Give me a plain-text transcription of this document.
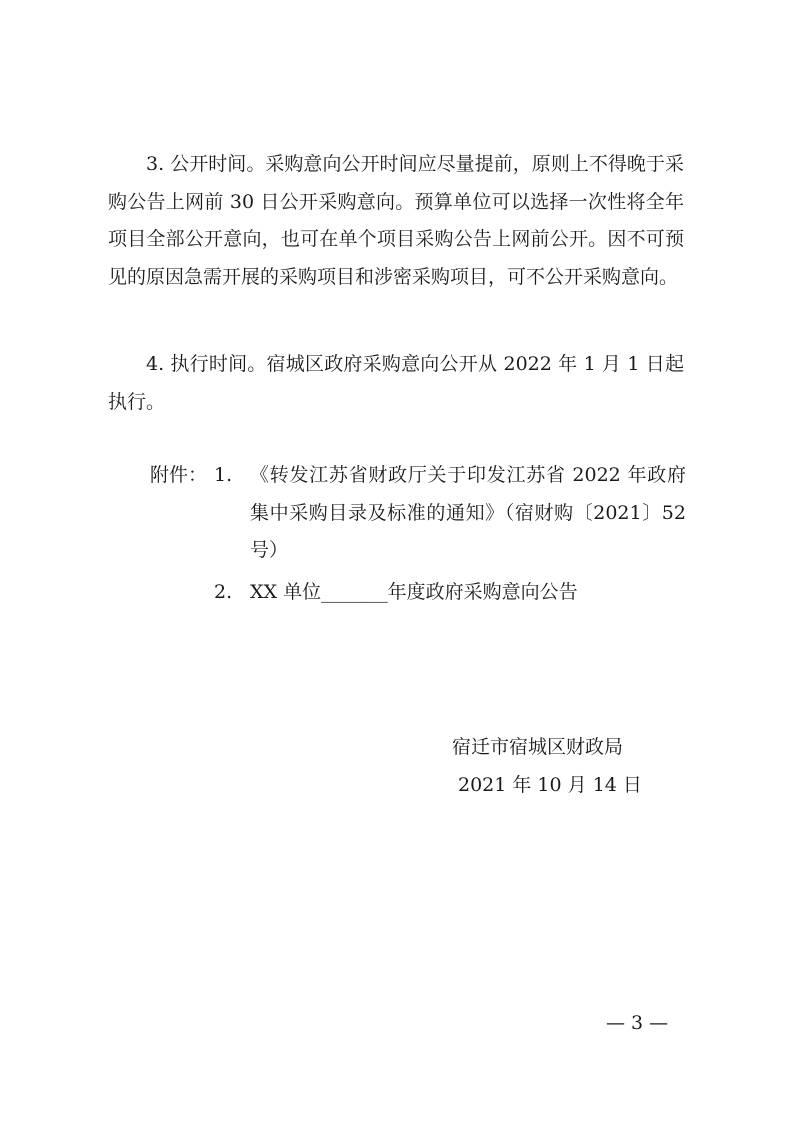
3. 公开时间。采购意向公开时间应尽量提前，原则上不得晚于采购公告上网前 30 日公开采购意向。预算单位可以选择一次性将全年项目全部公开意向，也可在单个项目采购公告上网前公开。因不可预见的原因急需开展的采购项目和涉密采购项目，可不公开采购意向。

4. 执行时间。宿城区政府采购意向公开从 2022 年 1 月 1 日起执行。

附件： 1. 《转发江苏省财政厅关于印发江苏省 2022 年政府集中采购目录及标准的通知》（宿财购〔2021〕52 号）

2. XX 单位_______年度政府采购意向公告
宿迁市宿城区财政局
2021 年 10 月 14 日
— 3 —
